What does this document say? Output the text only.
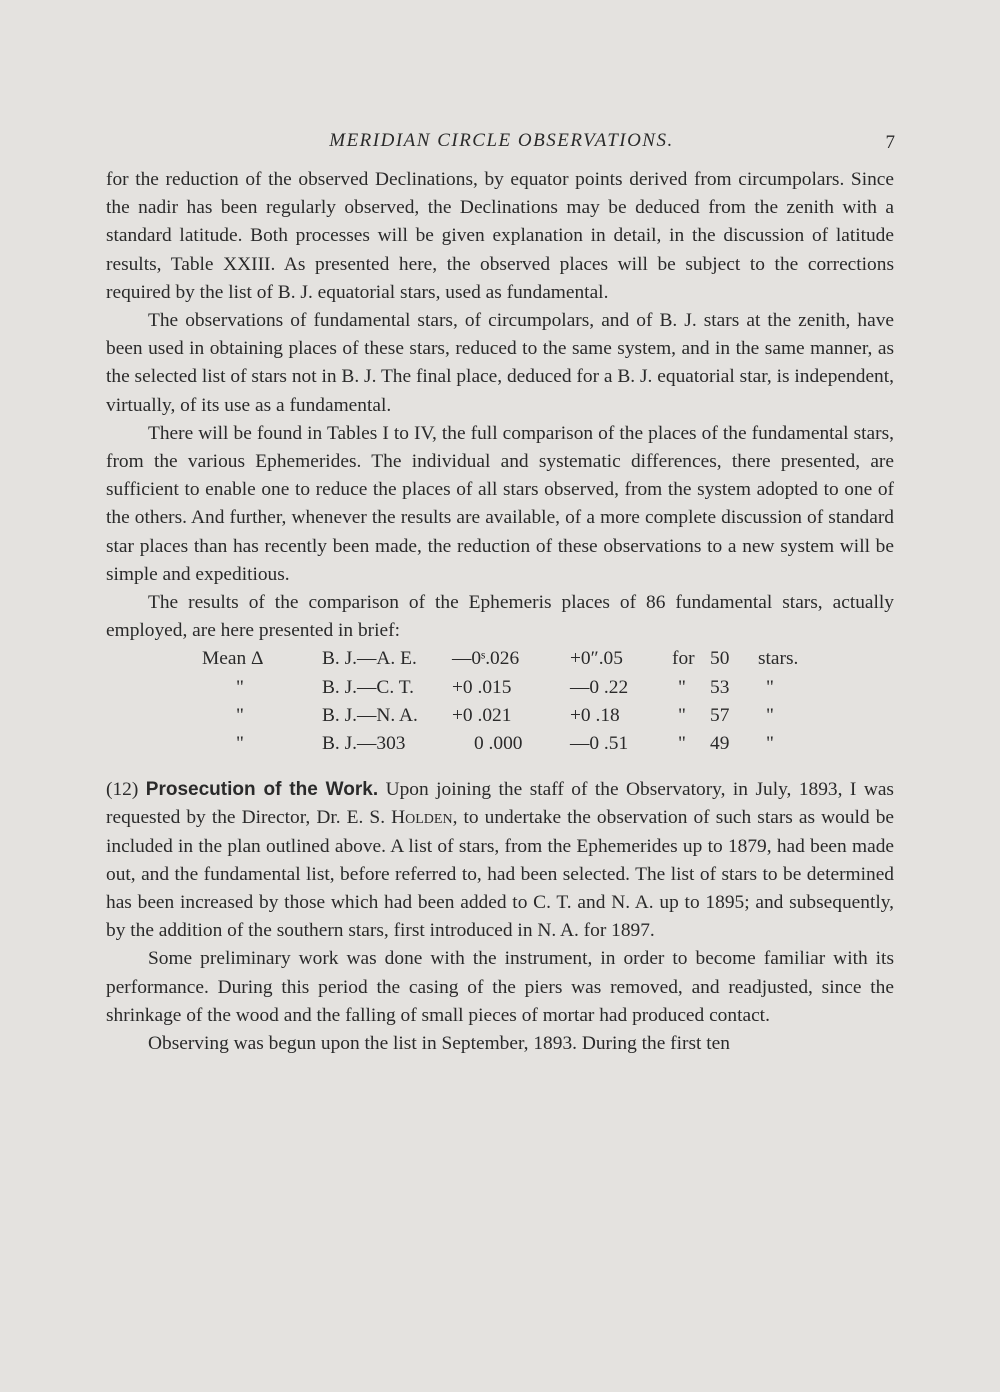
MERIDIAN CIRCLE OBSERVATIONS.	7

for the reduction of the observed Declinations, by equator points derived from circumpolars. Since the nadir has been regularly observed, the Declinations may be deduced from the zenith with a standard latitude. Both processes will be given explanation in detail, in the discussion of latitude results, Table XXIII. As presented here, the observed places will be subject to the corrections required by the list of B. J. equatorial stars, used as fundamental.

The observations of fundamental stars, of circumpolars, and of B. J. stars at the zenith, have been used in obtaining places of these stars, reduced to the same system, and in the same manner, as the selected list of stars not in B. J. The final place, deduced for a B. J. equatorial star, is independent, virtually, of its use as a fundamental.

There will be found in Tables I to IV, the full comparison of the places of the fundamental stars, from the various Ephemerides. The individual and systematic differences, there presented, are sufficient to enable one to reduce the places of all stars observed, from the system adopted to one of the others. And further, whenever the results are available, of a more complete discussion of standard star places than has recently been made, the reduction of these observations to a new system will be simple and expeditious.

The results of the comparison of the Ephemeris places of 86 fundamental stars, actually employed, are here presented in brief:

Mean Δ	B. J.—A. E. —0ˢ.026	+0″.05	for 50 stars.
"	B. J.—C. T. +0 .015	—0 .22	" 53 "
"	B. J.—N. A. +0 .021	+0 .18	" 57 "
"	B. J.—303	0 .000 —0 .51	" 49 "

(12) Prosecution of the Work. Upon joining the staff of the Observatory, in July, 1893, I was requested by the Director, Dr. E. S. Holden, to undertake the observation of such stars as would be included in the plan outlined above. A list of stars, from the Ephemerides up to 1879, had been made out, and the fundamental list, before referred to, had been selected. The list of stars to be determined has been increased by those which had been added to C. T. and N. A. up to 1895; and subsequently, by the addition of the southern stars, first introduced in N. A. for 1897.

Some preliminary work was done with the instrument, in order to become familiar with its performance. During this period the casing of the piers was removed, and readjusted, since the shrinkage of the wood and the falling of small pieces of mortar had produced contact.

Observing was begun upon the list in September, 1893. During the first ten
